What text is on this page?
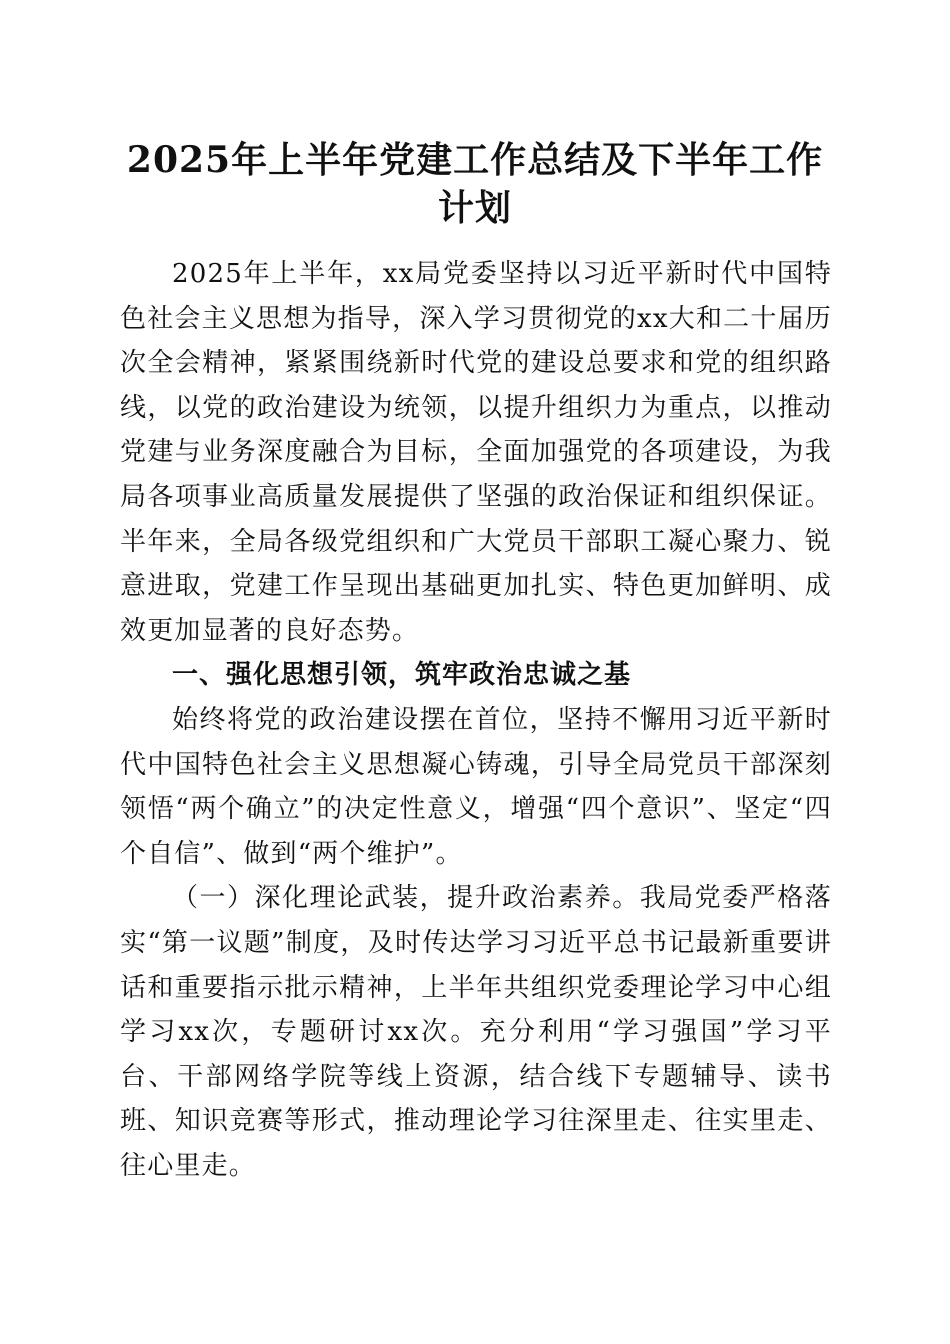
2025年上半年党建工作总结及下半年工作计划

2025年上半年，xx局党委坚持以习近平新时代中国特色社会主义思想为指导，深入学习贯彻党的xx大和二十届历次全会精神，紧紧围绕新时代党的建设总要求和党的组织路线，以党的政治建设为统领，以提升组织力为重点，以推动党建与业务深度融合为目标，全面加强党的各项建设，为我局各项事业高质量发展提供了坚强的政治保证和组织保证。半年来，全局各级党组织和广大党员干部职工凝心聚力、锐意进取，党建工作呈现出基础更加扎实、特色更加鲜明、成效更加显著的良好态势。

一、强化思想引领，筑牢政治忠诚之基

始终将党的政治建设摆在首位，坚持不懈用习近平新时代中国特色社会主义思想凝心铸魂，引导全局党员干部深刻领悟“两个确立”的决定性意义，增强“四个意识”、坚定“四个自信”、做到“两个维护”。

（一）深化理论武装，提升政治素养。我局党委严格落实“第一议题”制度，及时传达学习习近平总书记最新重要讲话和重要指示批示精神，上半年共组织党委理论学习中心组学习xx次，专题研讨xx次。充分利用“学习强国”学习平台、干部网络学院等线上资源，结合线下专题辅导、读书班、知识竞赛等形式，推动理论学习往深里走、往实里走、往心里走。
